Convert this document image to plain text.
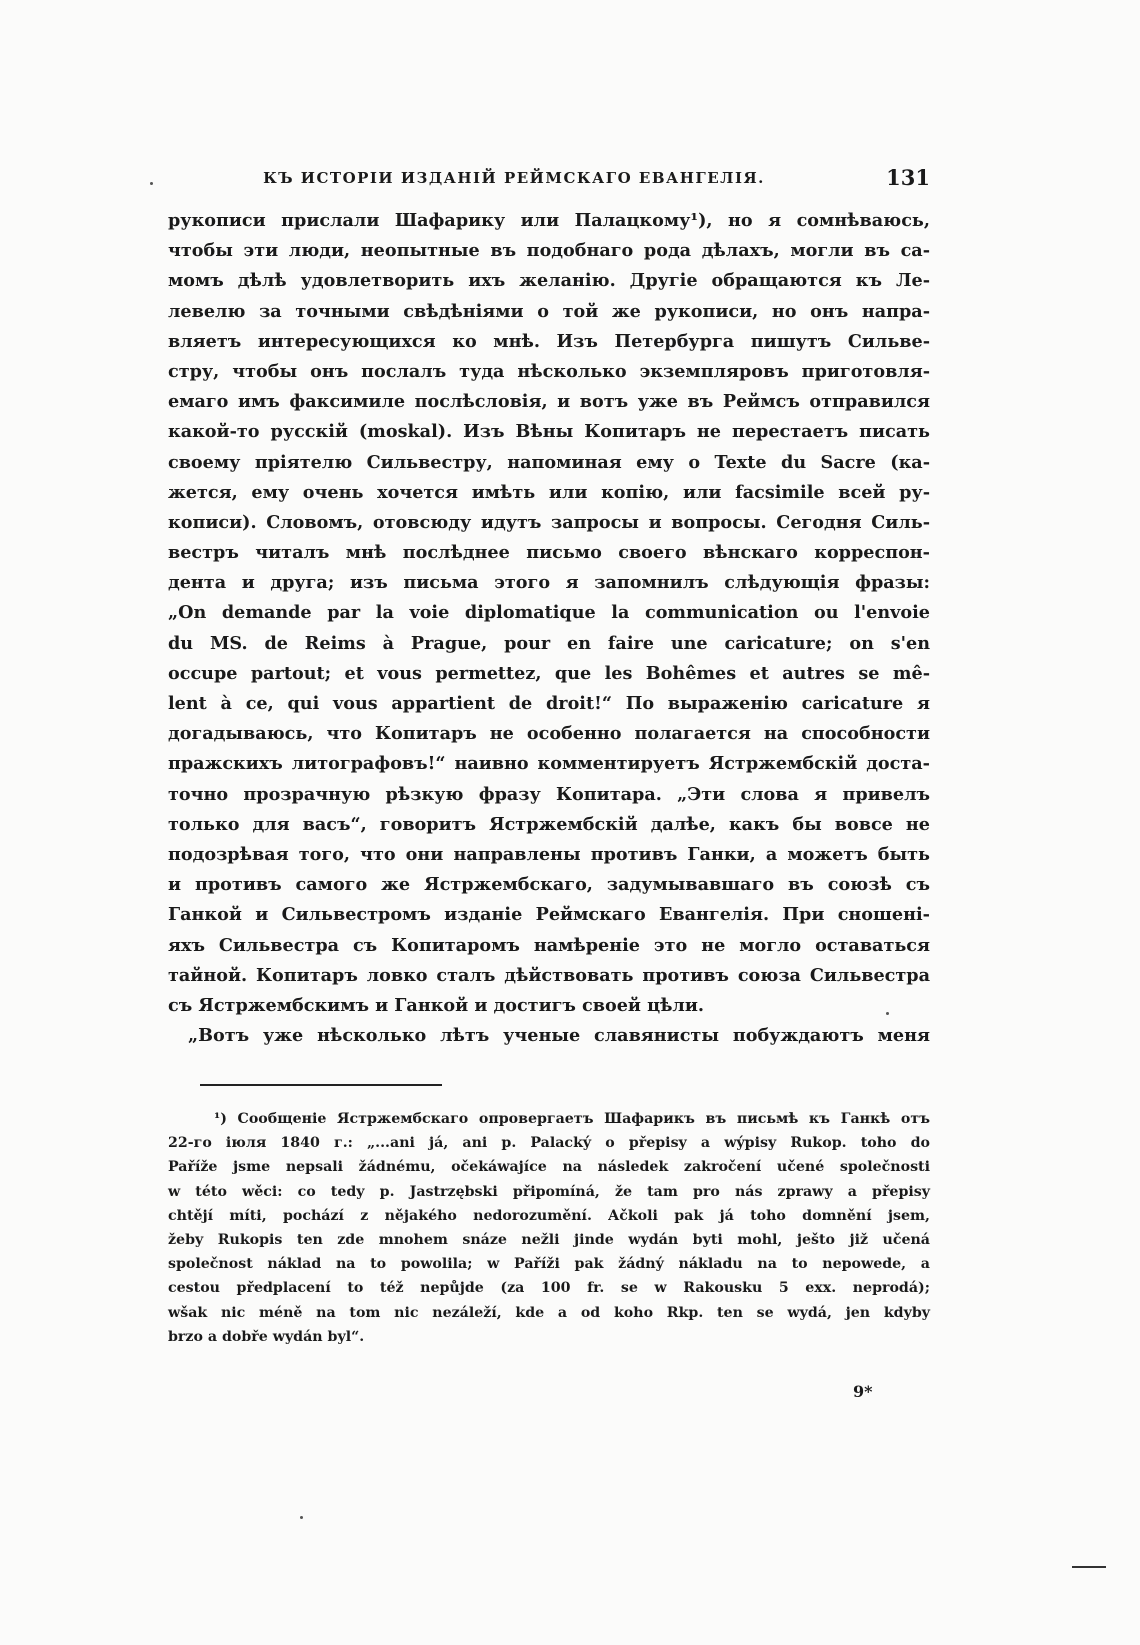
КЪ ИСТОРІИ ИЗДАНІЙ РЕЙМСКАГО ЕВАНГЕЛІЯ.	131
рукописи прислали Шафарику или Палацкому¹), но я сомнѣваюсь,
чтобы эти люди, неопытные въ подобнаго рода дѣлахъ, могли въ са-
момъ дѣлѣ удовлетворить ихъ желанію. Другіе обращаются къ Ле-
левелю за точными свѣдѣніями о той же рукописи, но онъ напра-
вляетъ интересующихся ко мнѣ. Изъ Петербурга пишутъ Сильве-
стру, чтобы онъ послалъ туда нѣсколько экземпляровъ приготовля-
емаго имъ факсимиле послѣсловія, и вотъ уже въ Реймсъ отправился
какой-то русскій (moskal). Изъ Вѣны Копитаръ не перестаетъ писать
своему пріятелю Сильвестру, напоминая ему о Texte du Sacre (ка-
жется, ему очень хочется имѣть или копію, или facsimile всей ру-
кописи). Словомъ, отовсюду идутъ запросы и вопросы. Сегодня Силь-
вестръ читалъ мнѣ послѣднее письмо своего вѣнскаго корреспон-
дента и друга; изъ письма этого я запомнилъ слѣдующія фразы:
„On demande par la voie diplomatique la communication ou l'envoie
du MS. de Reims à Prague, pour en faire une caricature; on s'en
occupe partout; et vous permettez, que les Bohêmes et autres se mê-
lent à ce, qui vous appartient de droit!“ По выраженію caricature я
догадываюсь, что Копитаръ не особенно полагается на способности
пражскихъ литографовъ!“ наивно комментируетъ Ястржембскій доста-
точно прозрачную рѣзкую фразу Копитара. „Эти слова я привелъ
только для васъ“, говоритъ Ястржембскій далѣе, какъ бы вовсе не
подозрѣвая того, что они направлены противъ Ганки, а можетъ быть
и противъ самого же Ястржембскаго, задумывавшаго въ союзѣ съ
Ганкой и Сильвестромъ изданіе Реймскаго Евангелія. При сношені-
яхъ Сильвестра съ Копитаромъ намѣреніе это не могло оставаться
тайной. Копитаръ ловко сталъ дѣйствовать противъ союза Сильвестра
съ Ястржембскимъ и Ганкой и достигъ своей цѣли.
„Вотъ уже нѣсколько лѣтъ ученые славянисты побуждаютъ меня
¹) Сообщеніе Ястржембскаго опровергаетъ Шафарикъ въ письмѣ къ Ганкѣ отъ
22-го іюля 1840 г.: „...ani já, ani p. Palacký o přepisy a wýpisy Rukop. toho do
Paříže jsme nepsali žádnému, očekáwajíce na následek zakročení učené společnosti
w této wěci: co tedy p. Jastrzębski připomíná, že tam pro nás zprawy a přepisy
chtějí míti, pochází z nějakého nedorozumění. Ačkoli pak já toho domnění jsem,
žeby Rukopis ten zde mnohem snáze nežli jinde wydán byti mohl, ješto již učená
společnost náklad na to powolila; w Paříži pak žádný nákladu na to nepowede, a
cestou předplacení to též nepůjde (za 100 fr. se w Rakousku 5 exx. neprodá);
wšak nic méně na tom nic nezáleží, kde a od koho Rkp. ten se wydá, jen kdyby
brzo a dobře wydán byl“.
9*
